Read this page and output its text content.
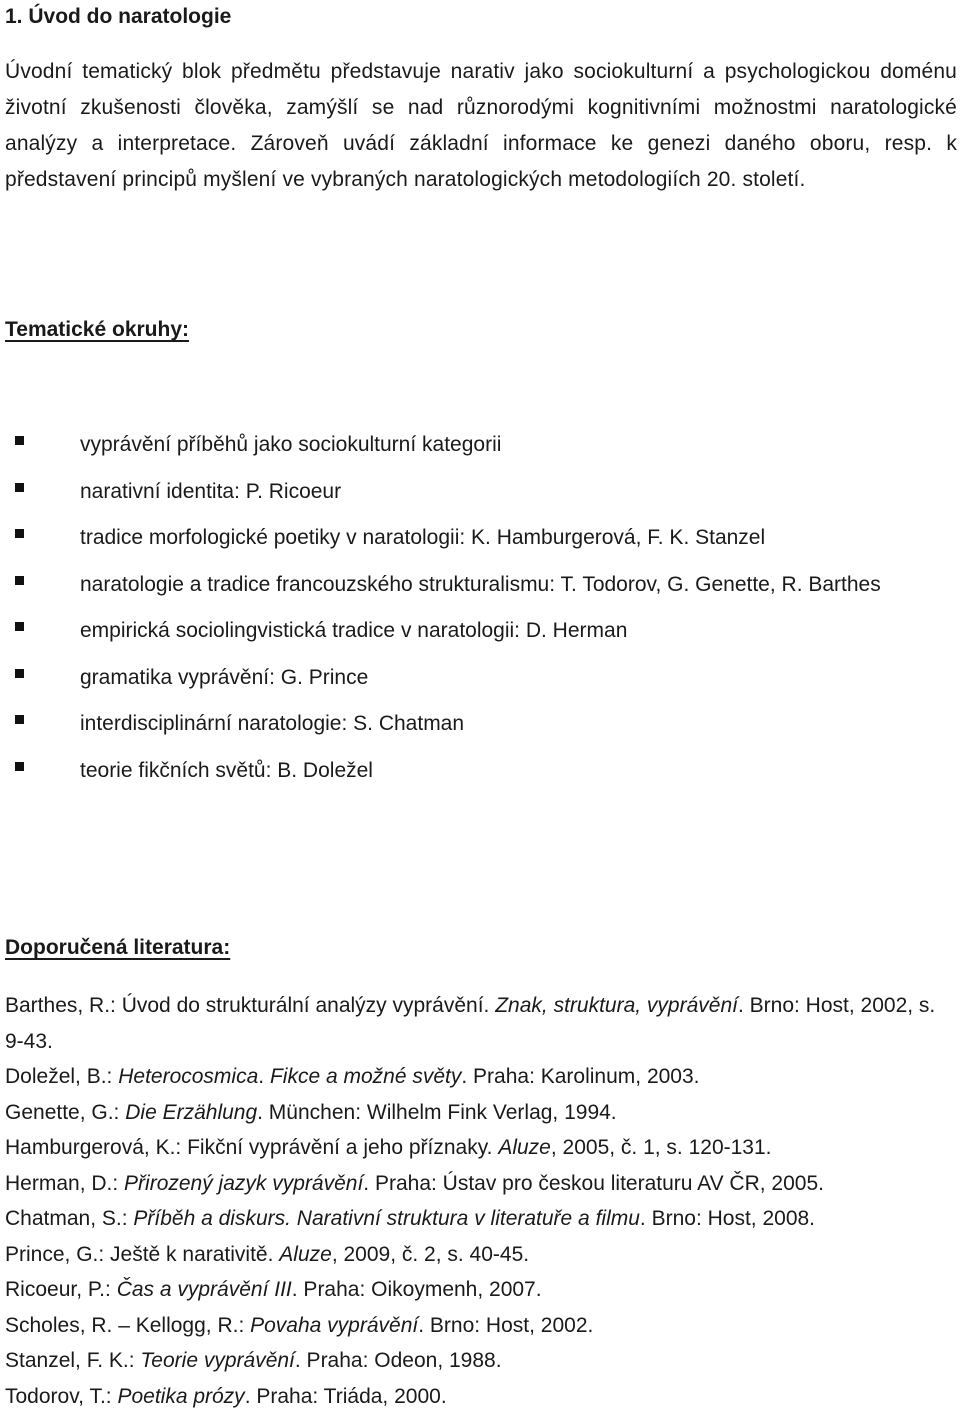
1. Úvod do naratologie

Úvodní tematický blok předmětu představuje narativ jako sociokulturní a psychologickou doménu životní zkušenosti člověka, zamýšlí se nad různorodými kognitivními možnostmi naratologické analýzy a interpretace. Zároveň uvádí základní informace ke genezi daného oboru, resp. k představení principů myšlení ve vybraných naratologických metodologiích 20. století.

Tematické okruhy:
vyprávění příběhů jako sociokulturní kategorii
narativní identita: P. Ricoeur
tradice morfologické poetiky v naratologii: K. Hamburgerová, F. K. Stanzel
naratologie a tradice francouzského strukturalismu: T. Todorov, G. Genette, R. Barthes
empirická sociolingvistická tradice v naratologii: D. Herman
gramatika vyprávění: G. Prince
interdisciplinární naratologie: S. Chatman
teorie fikčních světů: B. Doležel
Doporučená literatura:

Barthes, R.: Úvod do strukturální analýzy vyprávění. Znak, struktura, vyprávění. Brno: Host, 2002, s. 9-43.

Doležel, B.: Heterocosmica. Fikce a možné světy. Praha: Karolinum, 2003.

Genette, G.: Die Erzählung. München: Wilhelm Fink Verlag, 1994.

Hamburgerová, K.: Fikční vyprávění a jeho příznaky. Aluze, 2005, č. 1, s. 120-131.

Herman, D.: Přirozený jazyk vyprávění. Praha: Ústav pro českou literaturu AV ČR, 2005.

Chatman, S.: Příběh a diskurs. Narativní struktura v literatuře a filmu. Brno: Host, 2008.

Prince, G.: Ještě k narativitě. Aluze, 2009, č. 2, s. 40-45.

Ricoeur, P.: Čas a vyprávění III. Praha: Oikoymenh, 2007.

Scholes, R. – Kellogg, R.: Povaha vyprávění. Brno: Host, 2002.

Stanzel, F. K.: Teorie vyprávění. Praha: Odeon, 1988.

Todorov, T.: Poetika prózy. Praha: Triáda, 2000.
